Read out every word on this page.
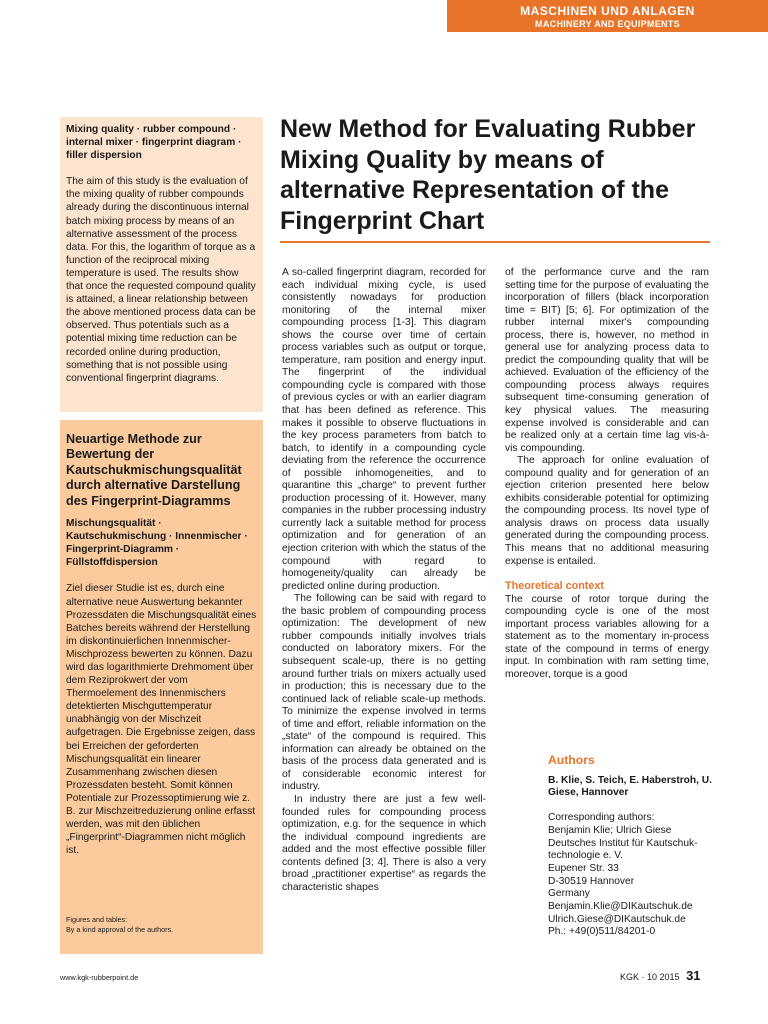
MASCHINEN UND ANLAGEN
MACHINERY AND EQUIPMENTS
Mixing quality · rubber compound · internal mixer · fingerprint diagram · filler dispersion

The aim of this study is the evaluation of the mixing quality of rubber compounds already during the discontinuous internal batch mixing process by means of an alternative assessment of the process data. For this, the logarithm of torque as a function of the reciprocal mixing temperature is used. The results show that once the requested compound quality is attained, a linear relationship between the above mentioned process data can be observed. Thus potentials such as a potential mixing time reduction can be recorded online during production, something that is not possible using conventional fingerprint diagrams.

Neuartige Methode zur Bewertung der Kautschukmischungsqualität durch alternative Darstellung des Fingerprint-Diagramms
Mischungsqualität · Kautschukmischung · Innenmischer · Fingerprint-Diagramm · Füllstoffdispersion

Ziel dieser Studie ist es, durch eine alternative neue Auswertung bekannter Prozessdaten die Mischungsqualität eines Batches bereits während der Herstellung im diskontinuierlichen Innenmischer-Mischprozess bewerten zu können. Dazu wird das logarithmierte Drehmoment über dem Reziprokwert der vom Thermoelement des Innenmischers detektierten Mischguttemperatur unabhängig von der Mischzeit aufgetragen. Die Ergebnisse zeigen, dass bei Erreichen der geforderten Mischungsqualität ein linearer Zusammenhang zwischen diesen Prozessdaten besteht. Somit können Potentiale zur Prozessoptimierung wie z. B. zur Mischzeitreduzierung online erfasst werden, was mit den üblichen „Fingerprint“-Diagrammen nicht möglich ist.

Figures and tables:
By a kind approval of the authors.
New Method for Evaluating Rubber Mixing Quality by means of alternative Representation of the Fingerprint Chart

A so-called fingerprint diagram, recorded for each individual mixing cycle, is used consistently nowadays for production monitoring of the internal mixer compounding process [1-3]. This diagram shows the course over time of certain process variables such as output or torque, temperature, ram position and energy input. The fingerprint of the individual compounding cycle is compared with those of previous cycles or with an earlier diagram that has been defined as reference. This makes it possible to observe fluctuations in the key process parameters from batch to batch, to identify in a compounding cycle deviating from the reference the occurrence of possible inhomogeneities, and to quarantine this „charge“ to prevent further production processing of it. However, many companies in the rubber processing industry currently lack a suitable method for process optimization and for generation of an ejection criterion with which the status of the compound with regard to homogeneity/quality can already be predicted online during production.

The following can be said with regard to the basic problem of compounding process optimization: The development of new rubber compounds initially involves trials conducted on laboratory mixers. For the subsequent scale-up, there is no getting around further trials on mixers actually used in production; this is necessary due to the continued lack of reliable scale-up methods. To minimize the expense involved in terms of time and effort, reliable information on the „state“ of the compound is required. This information can already be obtained on the basis of the process data generated and is of considerable economic interest for industry.

In industry there are just a few well-founded rules for compounding process optimization, e.g. for the sequence in which the individual compound ingredients are added and the most effective possible filler contents defined [3; 4]. There is also a very broad „practitioner expertise“ as regards the characteristic shapes

of the performance curve and the ram setting time for the purpose of evaluating the incorporation of fillers (black incorporation time = BIT) [5; 6]. For optimization of the rubber internal mixer's compounding process, there is, however, no method in general use for analyzing process data to predict the compounding quality that will be achieved. Evaluation of the efficiency of the compounding process always requires subsequent time-consuming generation of key physical values. The measuring expense involved is considerable and can be realized only at a certain time lag vis-à-vis compounding.

The approach for online evaluation of compound quality and for generation of an ejection criterion presented here below exhibits considerable potential for optimizing the compounding process. Its novel type of analysis draws on process data usually generated during the compounding process. This means that no additional measuring expense is entailed.

Theoretical context

The course of rotor torque during the compounding cycle is one of the most important process variables allowing for a statement as to the momentary in-process state of the compound in terms of energy input. In combination with ram setting time, moreover, torque is a good

Authors
B. Klie, S. Teich, E. Haberstroh, U. Giese, Hannover
Corresponding authors:
Benjamin Klie; Ulrich Giese
Deutsches Institut für Kautschuk-
technologie e. V.
Eupener Str. 33
D-30519 Hannover
Germany
Benjamin.Klie@DIKautschuk.de
Ulrich.Giese@DIKautschuk.de
Ph.: +49(0)511/84201-0
www.kgk-rubberpoint.de	KGK · 10 2015 31
